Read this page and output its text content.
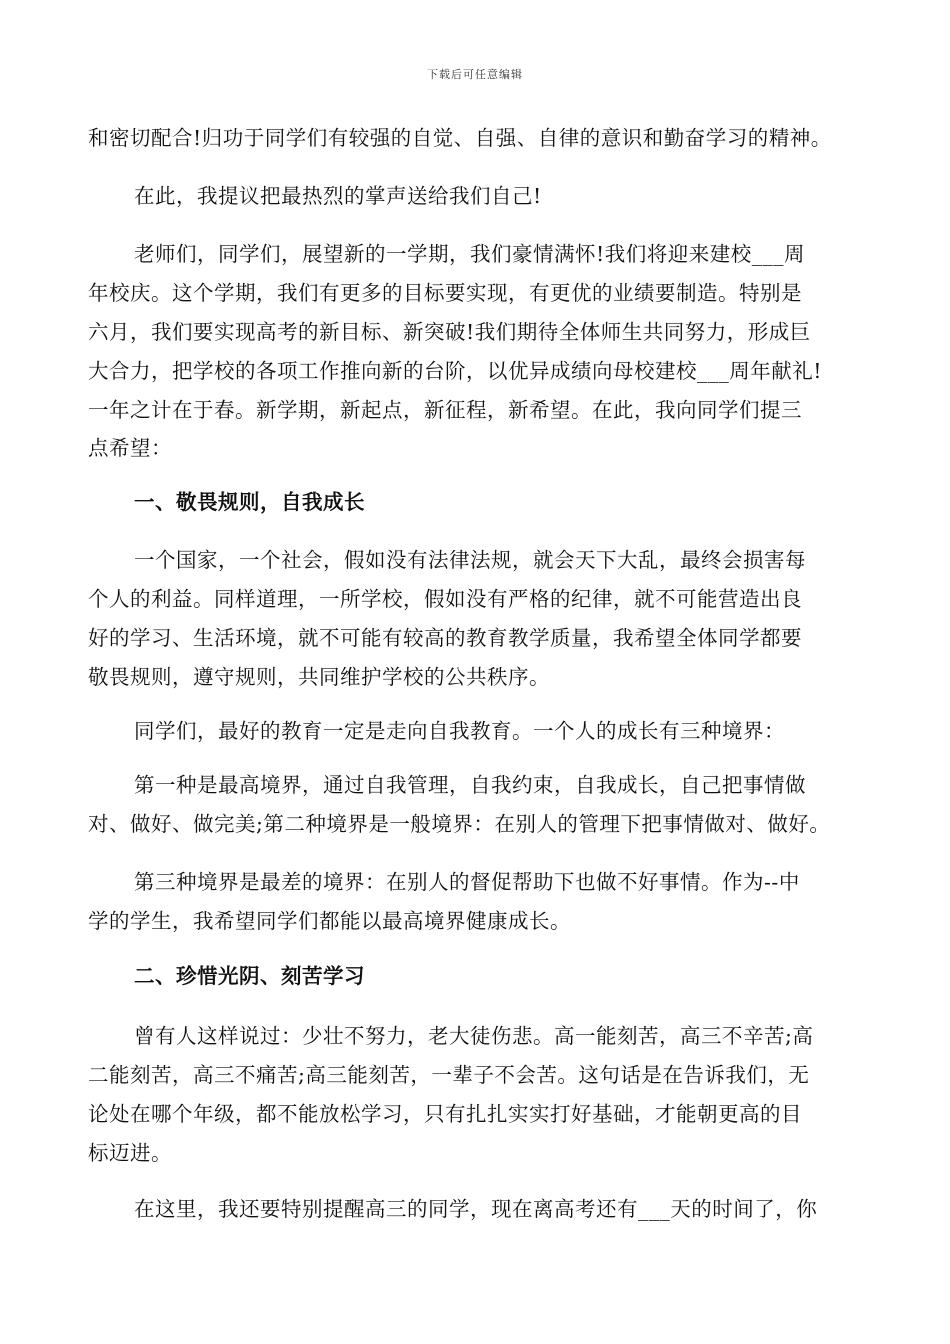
下载后可任意编辑
和密切配合!归功于同学们有较强的自觉、自强、自律的意识和勤奋学习的精神。
在此，我提议把最热烈的掌声送给我们自己!
老师们，同学们，展望新的一学期，我们豪情满怀!我们将迎来建校___周
年校庆。这个学期，我们有更多的目标要实现，有更优的业绩要制造。特别是
六月，我们要实现高考的新目标、新突破!我们期待全体师生共同努力，形成巨
大合力，把学校的各项工作推向新的台阶，以优异成绩向母校建校___周年献礼!
一年之计在于春。新学期，新起点，新征程，新希望。在此，我向同学们提三
点希望：
一、敬畏规则，自我成长
一个国家，一个社会，假如没有法律法规，就会天下大乱，最终会损害每
个人的利益。同样道理，一所学校，假如没有严格的纪律，就不可能营造出良
好的学习、生活环境，就不可能有较高的教育教学质量，我希望全体同学都要
敬畏规则，遵守规则，共同维护学校的公共秩序。
同学们，最好的教育一定是走向自我教育。一个人的成长有三种境界：
第一种是最高境界，通过自我管理，自我约束，自我成长，自己把事情做
对、做好、做完美;第二种境界是一般境界：在别人的管理下把事情做对、做好。
第三种境界是最差的境界：在别人的督促帮助下也做不好事情。作为--中
学的学生，我希望同学们都能以最高境界健康成长。
二、珍惜光阴、刻苦学习
曾有人这样说过：少壮不努力，老大徒伤悲。高一能刻苦，高三不辛苦;高
二能刻苦，高三不痛苦;高三能刻苦，一辈子不会苦。这句话是在告诉我们，无
论处在哪个年级，都不能放松学习，只有扎扎实实打好基础，才能朝更高的目
标迈进。
在这里，我还要特别提醒高三的同学，现在离高考还有___天的时间了，你
